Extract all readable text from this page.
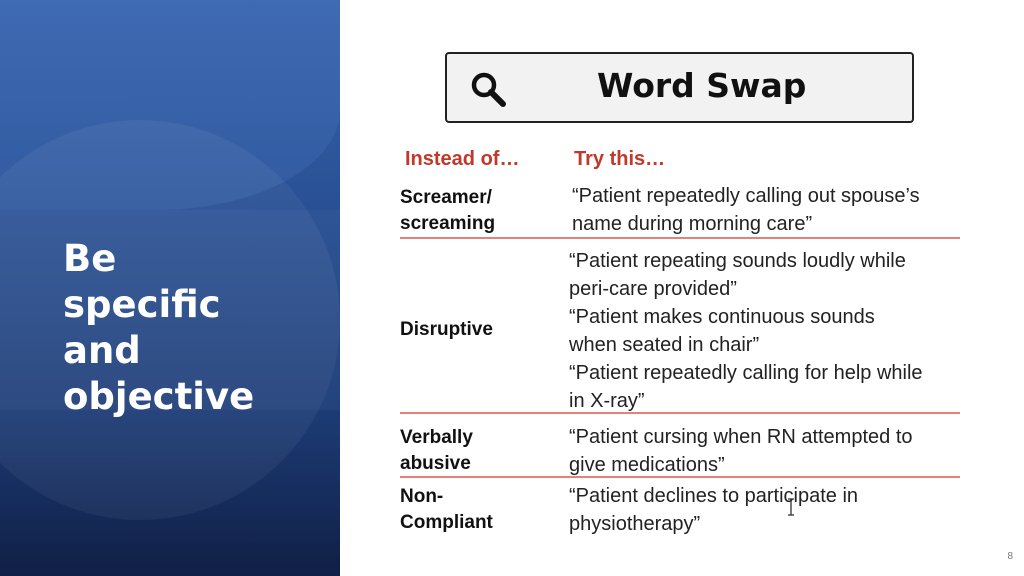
Be
specific
and
objective
Word Swap
Instead of…	Try this…
Screamer/
screaming
“Patient repeatedly calling out spouse’s
name during morning care”
Disruptive
“Patient repeating sounds loudly while
peri-care provided”
“Patient makes continuous sounds
when seated in chair”
“Patient repeatedly calling for help while
in X-ray”
Verbally
abusive
“Patient cursing when RN attempted to
give medications”
Non-
Compliant
“Patient declines to participate in
physiotherapy”
8
